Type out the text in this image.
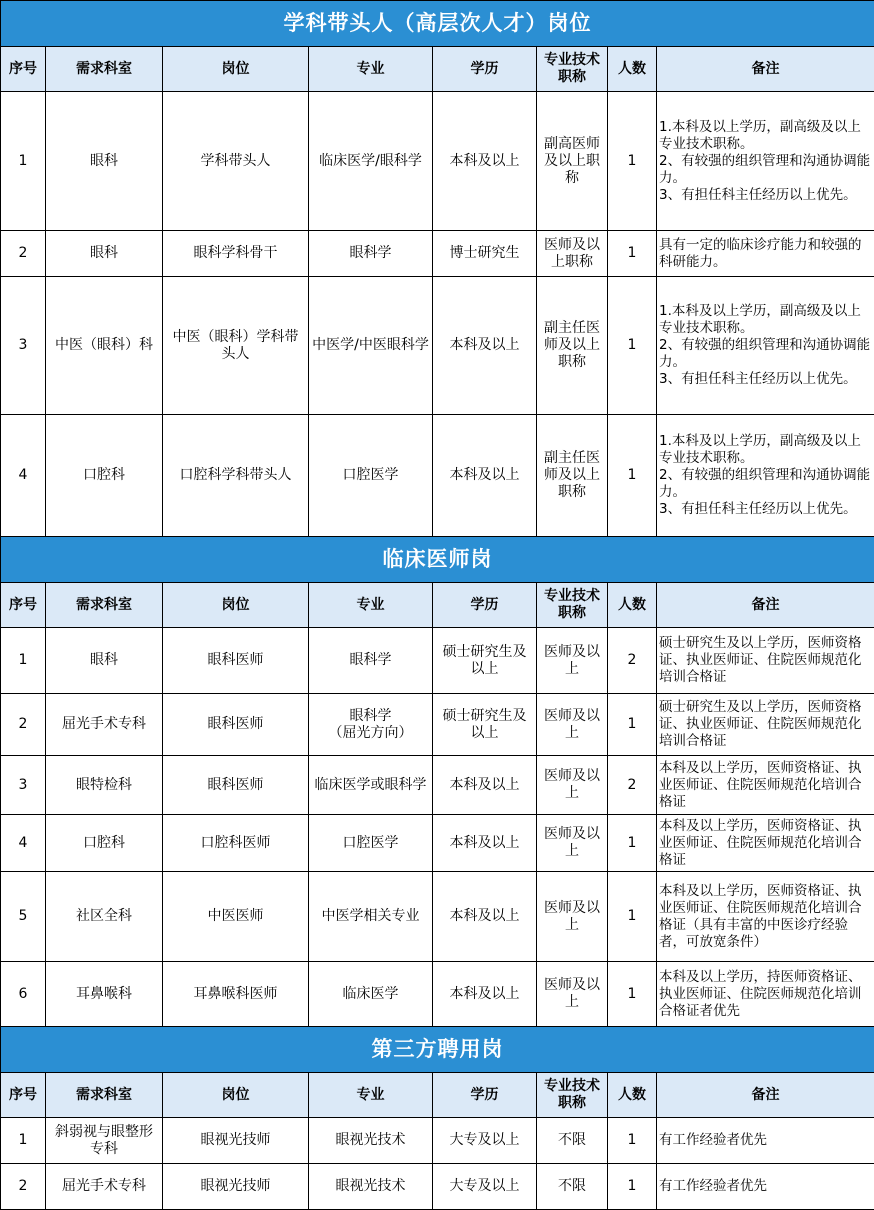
学科带头人（高层次人才）岗位							
序号	需求科室	岗位	专业	学历	专业技术职称	人数	备注
1	眼科	学科带头人	临床医学/眼科学	本科及以上	副高医师及以上职称	1	1.本科及以上学历，副高级及以上专业技术职称。
2、有较强的组织管理和沟通协调能力。
3、有担任科主任经历以上优先。
2	眼科	眼科学科骨干	眼科学	博士研究生	医师及以上职称	1	具有一定的临床诊疗能力和较强的科研能力。
3	中医（眼科）科	中医（眼科）学科带头人	中医学/中医眼科学	本科及以上	副主任医师及以上职称	1	1.本科及以上学历，副高级及以上专业技术职称。
2、有较强的组织管理和沟通协调能力。
3、有担任科主任经历以上优先。
4	口腔科	口腔科学科带头人	口腔医学	本科及以上	副主任医师及以上职称	1	1.本科及以上学历，副高级及以上专业技术职称。
2、有较强的组织管理和沟通协调能力。
3、有担任科主任经历以上优先。
临床医师岗							
序号	需求科室	岗位	专业	学历	专业技术职称	人数	备注
1	眼科	眼科医师	眼科学	硕士研究生及以上	医师及以上	2	硕士研究生及以上学历，医师资格证、执业医师证、住院医师规范化培训合格证
2	屈光手术专科	眼科医师	眼科学
（屈光方向）	硕士研究生及以上	医师及以上	1	硕士研究生及以上学历，医师资格证、执业医师证、住院医师规范化培训合格证
3	眼特检科	眼科医师	临床医学或眼科学	本科及以上	医师及以上	2	本科及以上学历，医师资格证、执业医师证、住院医师规范化培训合格证
4	口腔科	口腔科医师	口腔医学	本科及以上	医师及以上	1	本科及以上学历，医师资格证、执业医师证、住院医师规范化培训合格证
5	社区全科	中医医师	中医学相关专业	本科及以上	医师及以上	1	本科及以上学历，医师资格证、执业医师证、住院医师规范化培训合格证（具有丰富的中医诊疗经验者，可放宽条件）
6	耳鼻喉科	耳鼻喉科医师	临床医学	本科及以上	医师及以上	1	本科及以上学历，持医师资格证、执业医师证、住院医师规范化培训合格证者优先
第三方聘用岗							
序号	需求科室	岗位	专业	学历	专业技术职称	人数	备注
1	斜弱视与眼整形专科	眼视光技师	眼视光技术	大专及以上	不限	1	有工作经验者优先
2	屈光手术专科	眼视光技师	眼视光技术	大专及以上	不限	1	有工作经验者优先
